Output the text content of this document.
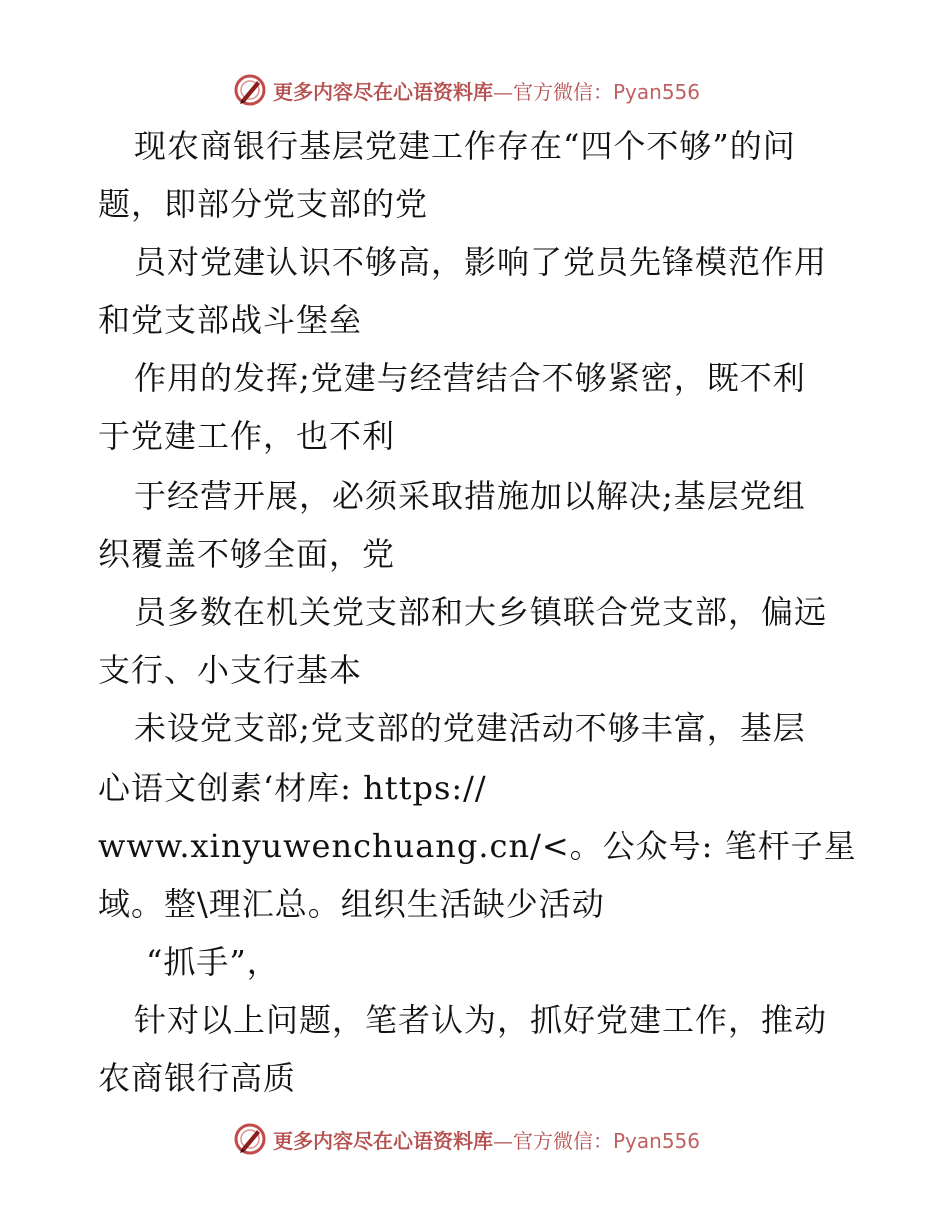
更多内容尽在心语资料库—官方微信：Pyan556
现农商银行基层党建工作存在“四个不够”的问
题，即部分党支部的党
员对党建认识不够高，影响了党员先锋模范作用
和党支部战斗堡垒
作用的发挥;党建与经营结合不够紧密，既不利
于党建工作，也不利
于经营开展，必须采取措施加以解决;基层党组
织覆盖不够全面，党
员多数在机关党支部和大乡镇联合党支部，偏远
支行、小支行基本
未设党支部;党支部的党建活动不够丰富，基层
心语文创素‘材库: https://
www.xinyuwenchuang.cn/<。公众号: 笔杆子星
域。整\理汇总。组织生活缺少活动
“抓手”，
针对以上问题，笔者认为，抓好党建工作，推动
农商银行高质
更多内容尽在心语资料库—官方微信：Pyan556
